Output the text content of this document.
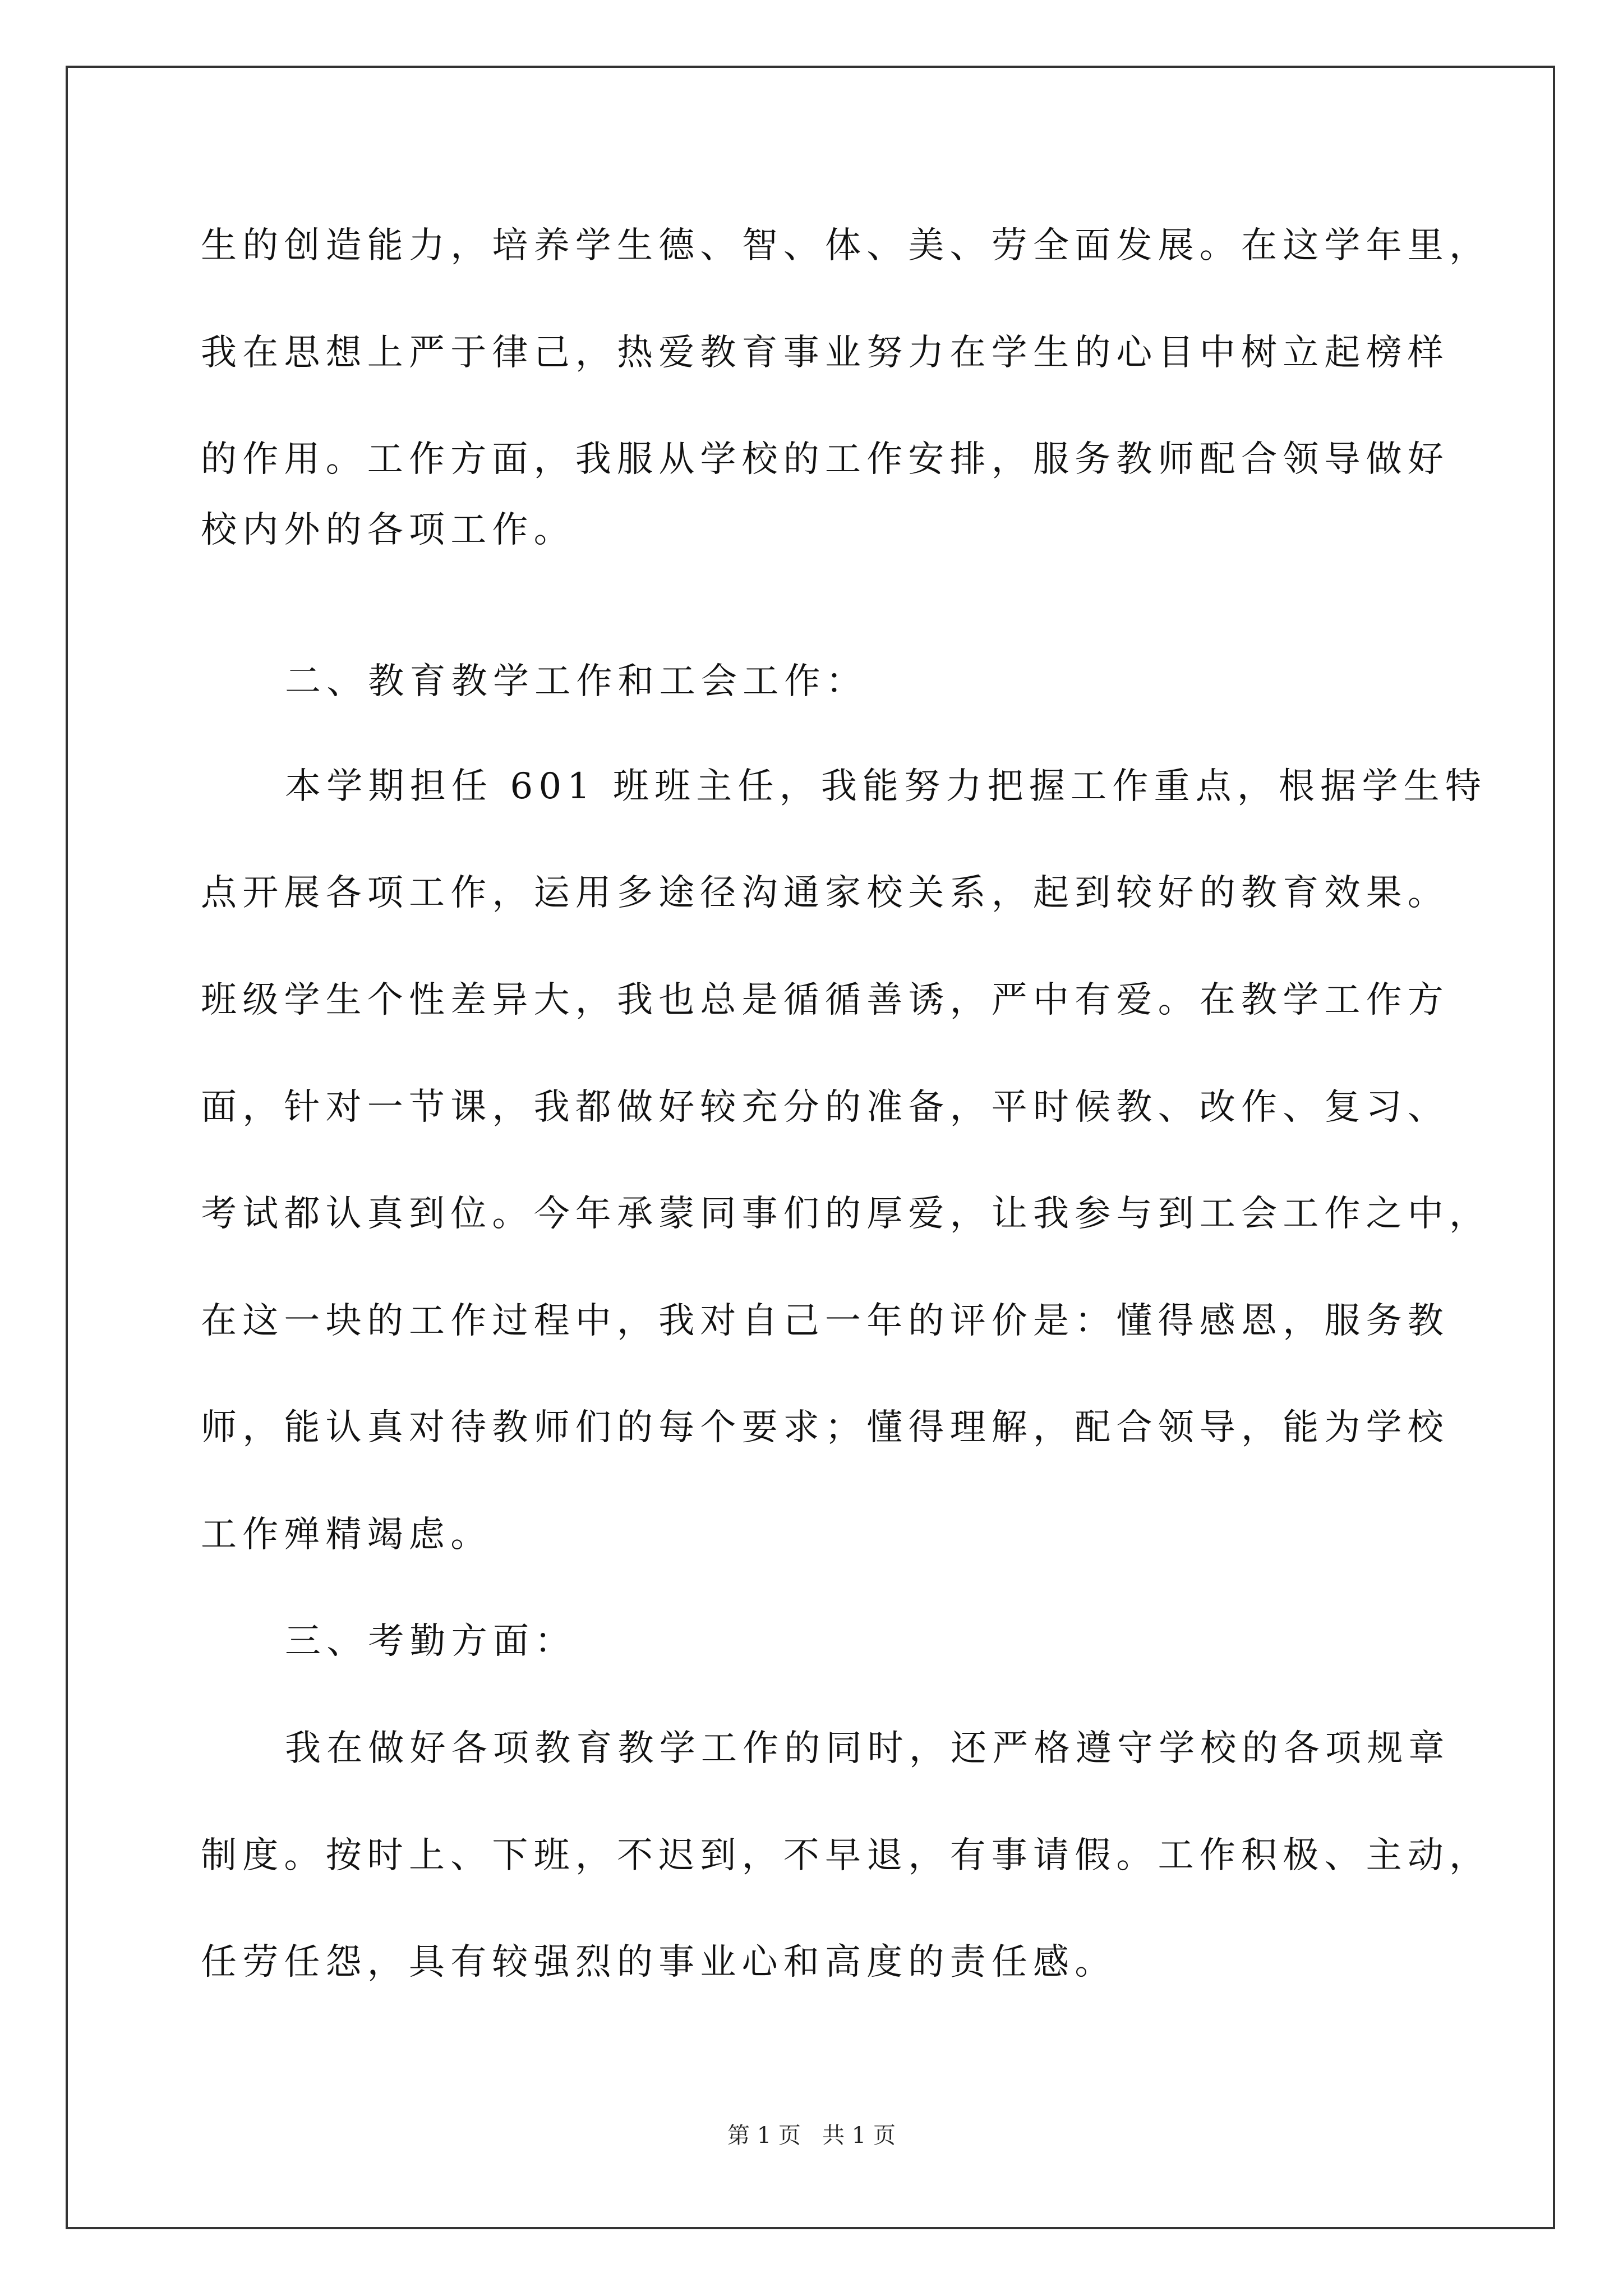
生的创造能力，培养学生德、智、体、美、劳全面发展。在这学年里，
我在思想上严于律己，热爱教育事业努力在学生的心目中树立起榜样
的作用。工作方面，我服从学校的工作安排，服务教师配合领导做好
校内外的各项工作。
二、教育教学工作和工会工作：
本学期担任 601 班班主任，我能努力把握工作重点，根据学生特
点开展各项工作，运用多途径沟通家校关系，起到较好的教育效果。
班级学生个性差异大，我也总是循循善诱，严中有爱。在教学工作方
面，针对一节课，我都做好较充分的准备，平时候教、改作、复习、
考试都认真到位。今年承蒙同事们的厚爱，让我参与到工会工作之中，
在这一块的工作过程中，我对自己一年的评价是：懂得感恩，服务教
师，能认真对待教师们的每个要求；懂得理解，配合领导，能为学校
工作殚精竭虑。
三、考勤方面：
我在做好各项教育教学工作的同时，还严格遵守学校的各项规章
制度。按时上、下班，不迟到，不早退，有事请假。工作积极、主动，
任劳任怨，具有较强烈的事业心和高度的责任感。
第 1 页   共 1 页
